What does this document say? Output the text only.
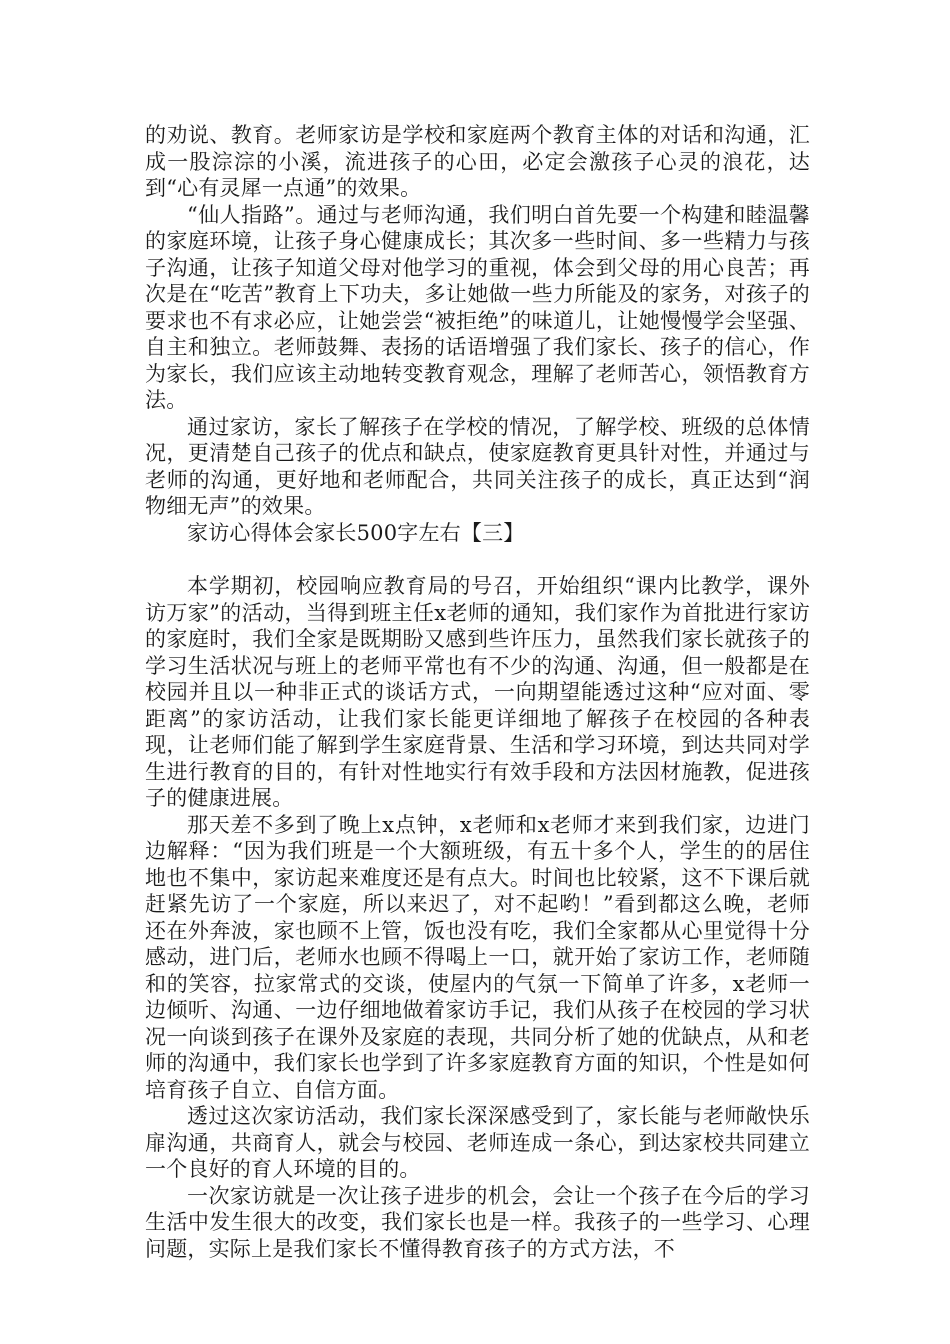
的劝说、教育。老师家访是学校和家庭两个教育主体的对话和沟通，汇成一股淙淙的小溪，流进孩子的心田，必定会激孩子心灵的浪花，达到“心有灵犀一点通”的效果。

“仙人指路”。通过与老师沟通，我们明白首先要一个构建和睦温馨的家庭环境，让孩子身心健康成长；其次多一些时间、多一些精力与孩子沟通，让孩子知道父母对他学习的重视，体会到父母的用心良苦；再次是在“吃苦”教育上下功夫，多让她做一些力所能及的家务，对孩子的要求也不有求必应，让她尝尝“被拒绝”的味道儿，让她慢慢学会坚强、自主和独立。老师鼓舞、表扬的话语增强了我们家长、孩子的信心，作为家长，我们应该主动地转变教育观念，理解了老师苦心，领悟教育方法。

通过家访，家长了解孩子在学校的情况，了解学校、班级的总体情况，更清楚自己孩子的优点和缺点，使家庭教育更具针对性，并通过与老师的沟通，更好地和老师配合，共同关注孩子的成长，真正达到“润物细无声”的效果。

家访心得体会家长500字左右【三】

本学期初，校园响应教育局的号召，开始组织“课内比教学，课外访万家”的活动，当得到班主任x老师的通知，我们家作为首批进行家访的家庭时，我们全家是既期盼又感到些许压力，虽然我们家长就孩子的学习生活状况与班上的老师平常也有不少的沟通、沟通，但一般都是在校园并且以一种非正式的谈话方式，一向期望能透过这种“应对面、零距离”的家访活动，让我们家长能更详细地了解孩子在校园的各种表现，让老师们能了解到学生家庭背景、生活和学习环境，到达共同对学生进行教育的目的，有针对性地实行有效手段和方法因材施教，促进孩子的健康进展。

那天差不多到了晚上x点钟，x老师和x老师才来到我们家，边进门边解释：“因为我们班是一个大额班级，有五十多个人，学生的的居住地也不集中，家访起来难度还是有点大。时间也比较紧，这不下课后就赶紧先访了一个家庭，所以来迟了，对不起哟！”看到都这么晚，老师还在外奔波，家也顾不上管，饭也没有吃，我们全家都从心里觉得十分感动，进门后，老师水也顾不得喝上一口，就开始了家访工作，老师随和的笑容，拉家常式的交谈，使屋内的气氛一下简单了许多，x老师一边倾听、沟通、一边仔细地做着家访手记，我们从孩子在校园的学习状况一向谈到孩子在课外及家庭的表现，共同分析了她的优缺点，从和老师的沟通中，我们家长也学到了许多家庭教育方面的知识，个性是如何培育孩子自立、自信方面。

透过这次家访活动，我们家长深深感受到了，家长能与老师敞快乐扉沟通，共商育人，就会与校园、老师连成一条心，到达家校共同建立一个良好的育人环境的目的。

一次家访就是一次让孩子进步的机会，会让一个孩子在今后的学习生活中发生很大的改变，我们家长也是一样。我孩子的一些学习、心理问题，实际上是我们家长不懂得教育孩子的方式方法，不
